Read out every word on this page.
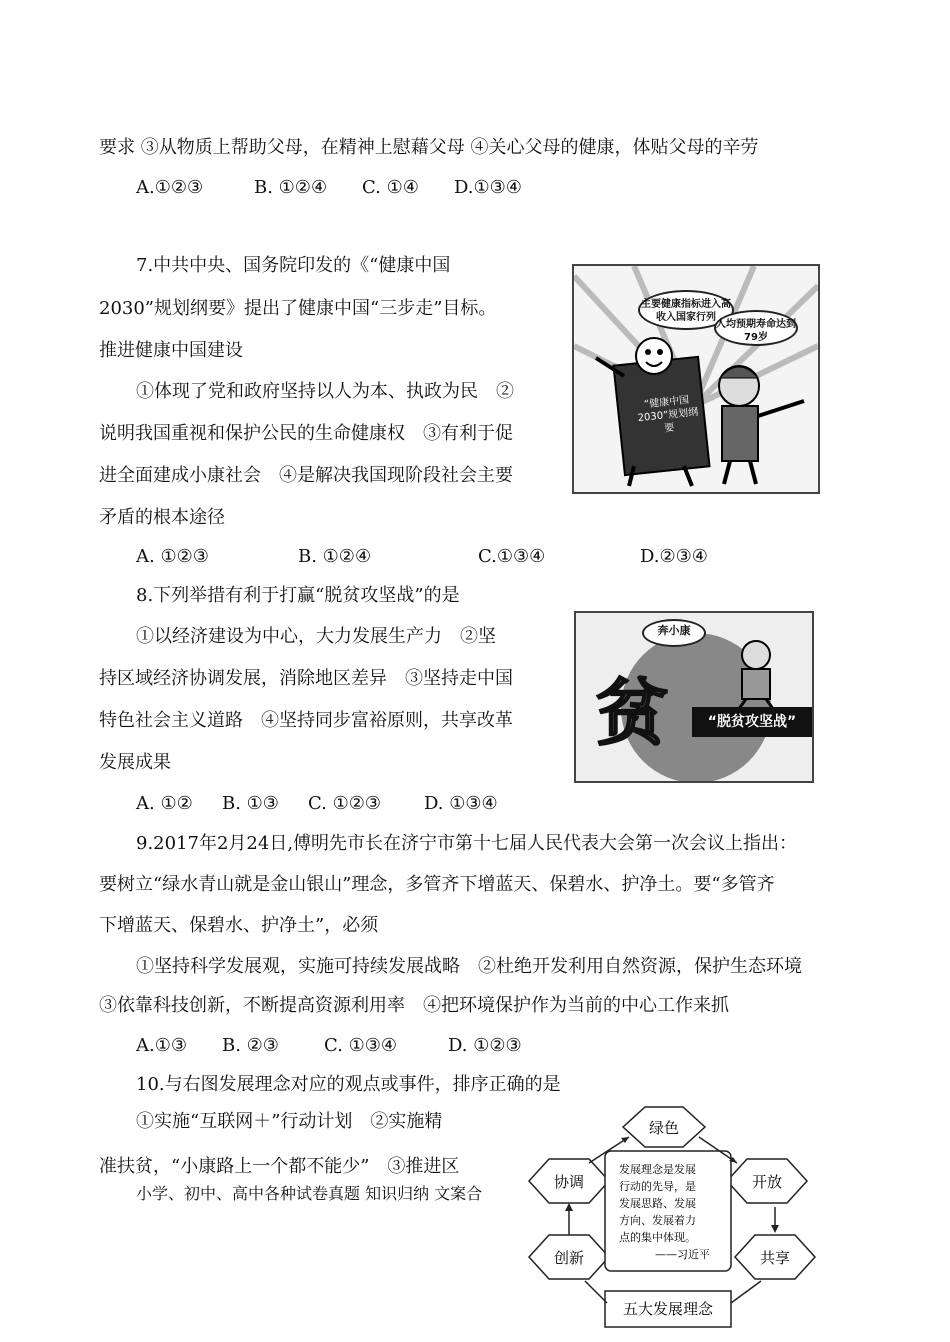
要求 ③从物质上帮助父母，在精神上慰藉父母 ④关心父母的健康，体贴父母的辛劳
A.①②③	B. ①②④ C. ①④ D.①③④
7.中共中央、国务院印发的《“健康中国
2030”规划纲要》提出了健康中国“三步走”目标。
推进健康中国建设
①体现了党和政府坚持以人为本、执政为民　②
说明我国重视和保护公民的生命健康权　③有利于促
进全面建成小康社会　④是解决我国现阶段社会主要
矛盾的根本途径
A. ①②③	B. ①②④	C.①③④	D.②③④
主要健康指标进入高收入国家行列
人均预期寿命达到79岁
“健康中国2030”规划纲要
8.下列举措有利于打赢“脱贫攻坚战”的是
①以经济建设为中心，大力发展生产力　②坚
持区域经济协调发展，消除地区差异　③坚持走中国
特色社会主义道路　④坚持同步富裕原则，共享改革
发展成果
A. ①② B. ①③ C. ①②③ D. ①③④
贫
奔小康
“脱贫攻坚战”
9.2017年2月24日,傅明先市长在济宁市第十七届人民代表大会第一次会议上指出：
要树立“绿水青山就是金山银山”理念，多管齐下增蓝天、保碧水、护净土。要“多管齐
下增蓝天、保碧水、护净土”，必须
①坚持科学发展观，实施可持续发展战略　②杜绝开发利用自然资源，保护生态环境
③依靠科技创新，不断提高资源利用率　④把环境保护作为当前的中心工作来抓
A.①③ B. ②③	C. ①③④	D. ①②③
10.与右图发展理念对应的观点或事件，排序正确的是
①实施“互联网＋”行动计划　②实施精
准扶贫，“小康路上一个都不能少”　③推进区
小学、初中、高中各种试卷真题 知识归纳 文案合
绿色
协调	开放
创新	共享
发展理念是发展
行动的先导，是
发展思路、发展
方向、发展着力
点的集中体现。
——习近平
五大发展理念
